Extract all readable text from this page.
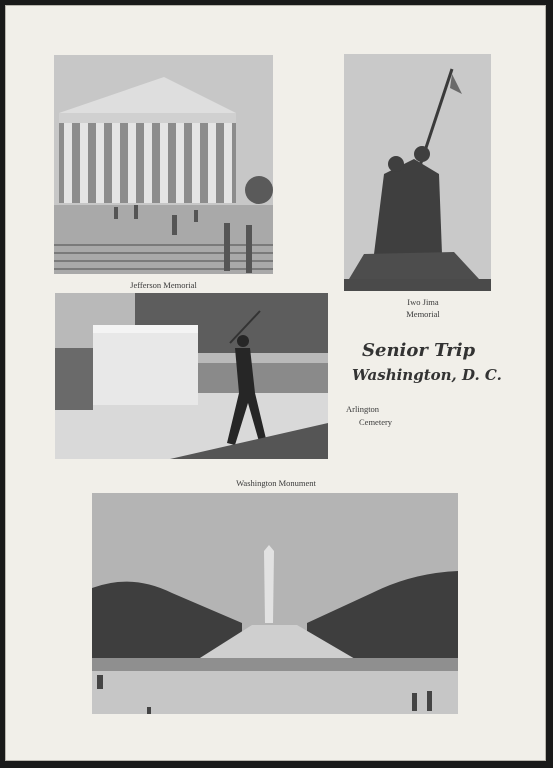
Jefferson Memorial
Iwo Jima
Memorial
Senior Trip
Washington, D. C.
Arlington
Cemetery
Washington Monument
